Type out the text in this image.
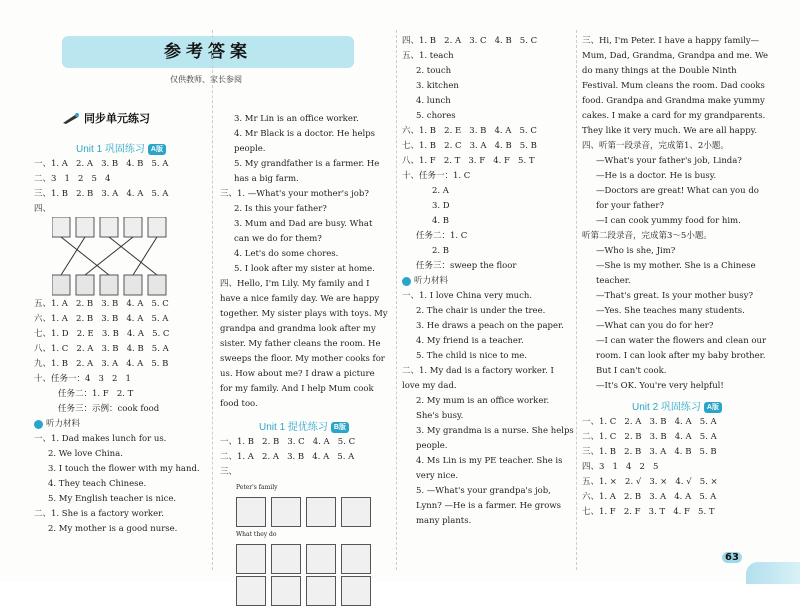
参考答案
仅供教师、家长参阅
同步单元练习
Unit 1 巩固练习 A版
一、1. A   2. A   3. B   4. B   5. A
二、3   1   2   5   4
三、1. B   2. B   3. A   4. A   5. A
四、
五、1. A   2. B   3. B   4. A   5. C
六、1. A   2. B   3. B   4. A   5. A
七、1. D   2. E   3. B   4. A   5. C
八、1. C   2. A   3. B   4. B   5. A
九、1. B   2. A   3. A   4. A   5. B
十、任务一：4   3   2   1
任务二：1. F   2. T
任务三：示例：cook food
听力材料
一、1. Dad makes lunch for us.
2. We love China.
3. I touch the flower with my hand.
4. They teach Chinese.
5. My English teacher is nice.
二、1. She is a factory worker.
2. My mother is a good nurse.
3. Mr Lin is an office worker.
4. Mr Black is a doctor. He helps people.
5. My grandfather is a farmer. He has a big farm.
三、1. —What's your mother's job?
2. Is this your father?
3. Mum and Dad are busy. What can we do for them?
4. Let's do some chores.
5. I look after my sister at home.
四、Hello, I'm Lily. My family and I have a nice family day. We are happy together. My sister plays with toys. My grandpa and grandma look after my sister. My father cleans the room. He sweeps the floor. My mother cooks for us. How about me? I draw a picture for my family. And I help Mum cook food too.
Unit 1 提优练习 B版
一、1. B   2. B   3. C   4. A   5. C
二、1. A   2. A   3. B   4. A   5. A
三、
Peter's family
What they do
四、1. B   2. A   3. C   4. B   5. C
五、1. teach
2. touch
3. kitchen
4. lunch
5. chores
六、1. B   2. E   3. B   4. A   5. C
七、1. B   2. C   3. A   4. B   5. B
八、1. F   2. T   3. F   4. F   5. T
十、任务一：1. C
2. A
3. D
4. B
任务二：1. C
2. B
任务三：sweep the floor
听力材料
一、1. I love China very much.
2. The chair is under the tree.
3. He draws a peach on the paper.
4. My friend is a teacher.
5. The child is nice to me.
二、1. My dad is a factory worker. I love my dad.
2. My mum is an office worker. She's busy.
3. My grandma is a nurse. She helps people.
4. Ms Lin is my PE teacher. She is very nice.
5. —What's your grandpa's job, Lynn? —He is a farmer. He grows many plants.
三、Hi, I'm Peter. I have a happy family—Mum, Dad, Grandma, Grandpa and me. We do many things at the Double Ninth Festival. Mum cleans the room. Dad cooks food. Grandpa and Grandma make yummy cakes. I make a card for my grandparents. They like it very much. We are all happy.
四、听第一段录音，完成第1、2小题。
—What's your father's job, Linda?
—He is a doctor. He is busy.
—Doctors are great! What can you do for your father?
—I can cook yummy food for him.
听第二段录音，完成第3～5小题。
—Who is she, Jim?
—She is my mother. She is a Chinese teacher.
—That's great. Is your mother busy?
—Yes. She teaches many students.
—What can you do for her?
—I can water the flowers and clean our room. I can look after my baby brother. But I can't cook.
—It's OK. You're very helpful!
Unit 2 巩固练习 A版
一、1. C   2. A   3. B   4. A   5. A
二、1. C   2. B   3. B   4. A   5. A
三、1. B   2. B   3. A   4. B   5. B
四、3   1   4   2   5
五、1. ×   2. √   3. ×   4. √   5. ×
六、1. A   2. B   3. A   4. A   5. A
七、1. F   2. F   3. T   4. F   5. T
63
